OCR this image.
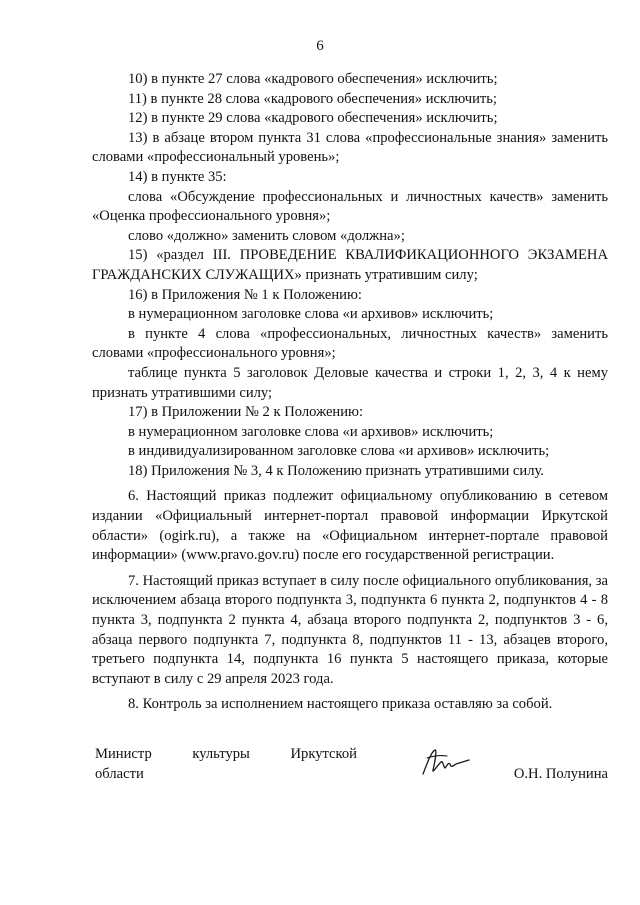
6

10) в пункте 27 слова «кадрового обеспечения» исключить;

11) в пункте 28 слова «кадрового обеспечения» исключить;

12) в пункте 29 слова «кадрового обеспечения» исключить;

13) в абзаце втором пункта 31 слова «профессиональные знания» заменить словами «профессиональный уровень»;

14) в пункте 35:

слова «Обсуждение профессиональных и личностных качеств» заменить «Оценка профессионального уровня»;

слово «должно» заменить словом «должна»;

15) «раздел III. ПРОВЕДЕНИЕ КВАЛИФИКАЦИОННОГО ЭКЗАМЕНА ГРАЖДАНСКИХ СЛУЖАЩИХ» признать утратившим силу;

16) в Приложения № 1 к Положению:

в нумерационном заголовке слова «и архивов» исключить;

в пункте 4 слова «профессиональных, личностных качеств» заменить словами «профессионального уровня»;

таблице пункта 5 заголовок Деловые качества и строки 1, 2, 3, 4 к нему признать утратившими силу;

17) в Приложении № 2 к Положению:

в нумерационном заголовке слова «и архивов» исключить;

в индивидуализированном заголовке слова «и архивов» исключить;

18) Приложения № 3, 4 к Положению признать утратившими силу.

6. Настоящий приказ подлежит официальному опубликованию в сетевом издании «Официальный интернет-портал правовой информации Иркутской области» (ogirk.ru), а также на «Официальном интернет-портале правовой информации» (www.pravo.gov.ru) после его государственной регистрации.

7. Настоящий приказ вступает в силу после официального опубликования, за исключением абзаца второго подпункта 3, подпункта 6 пункта 2, подпунктов 4 - 8 пункта 3, подпункта 2 пункта 4, абзаца второго подпункта 2, подпунктов 3 - 6, абзаца первого подпункта 7, подпункта 8, подпунктов 11 - 13, абзацев второго, третьего подпункта 14, подпункта 16 пункта 5 настоящего приказа, которые вступают в силу с 29 апреля 2023 года.

8. Контроль за исполнением настоящего приказа оставляю за собой.

Министр	культуры	Иркутской
области	О.Н. Полунина
